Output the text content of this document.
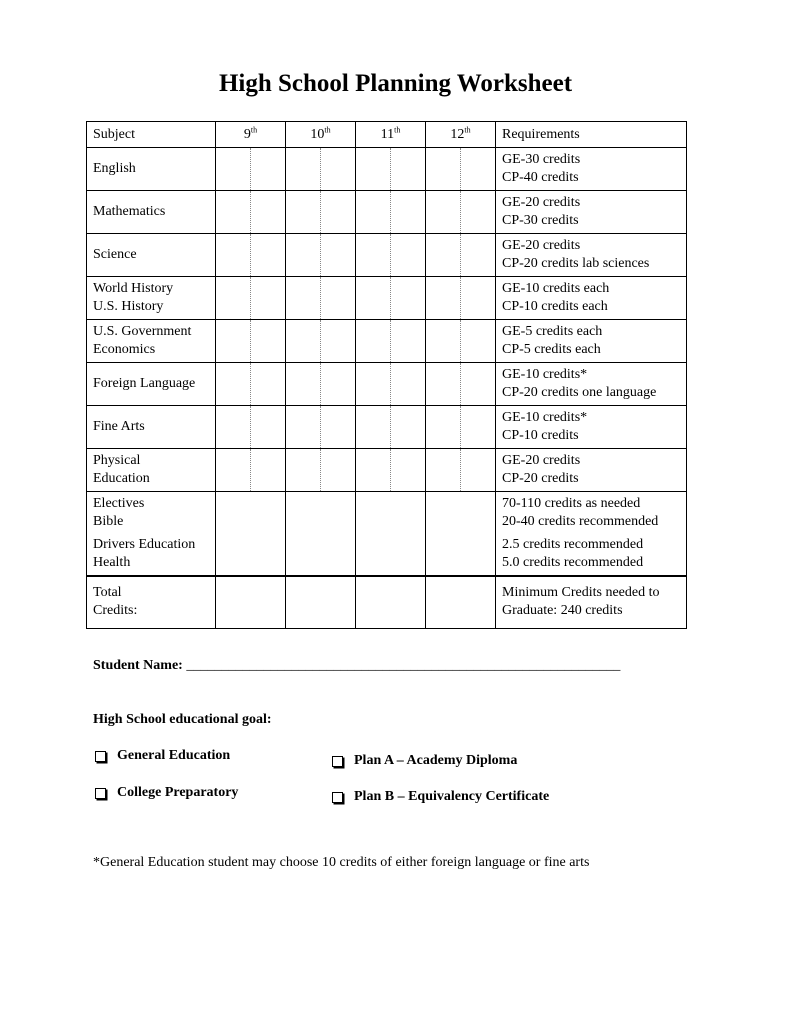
High School Planning Worksheet
Subject	9th	10th	11th	12th	Requirements

English					GE-30 credits
CP-40 credits

Mathematics					GE-20 credits
CP-30 credits

Science					GE-20 credits
CP-20 credits lab sciences

World History
U.S. History					GE-10 credits each
CP-10 credits each

U.S. Government
Economics					GE-5 credits each
CP-5 credits each

Foreign Language					GE-10 credits*
CP-20 credits one language

Fine Arts					GE-10 credits*
CP-10 credits

Physical
Education					GE-20 credits
CP-20 credits

Electives
Bible
Drivers Education
Health					70-110 credits as needed
20-40 credits recommended
2.5 credits recommended
5.0 credits recommended

Total
Credits:					Minimum Credits needed to
Graduate: 240 credits
Student Name: ______________________________________________________________
High School educational goal:
General Education
College Preparatory
Plan A – Academy Diploma
Plan B – Equivalency Certificate
*General Education student may choose 10 credits of either foreign language or fine arts
